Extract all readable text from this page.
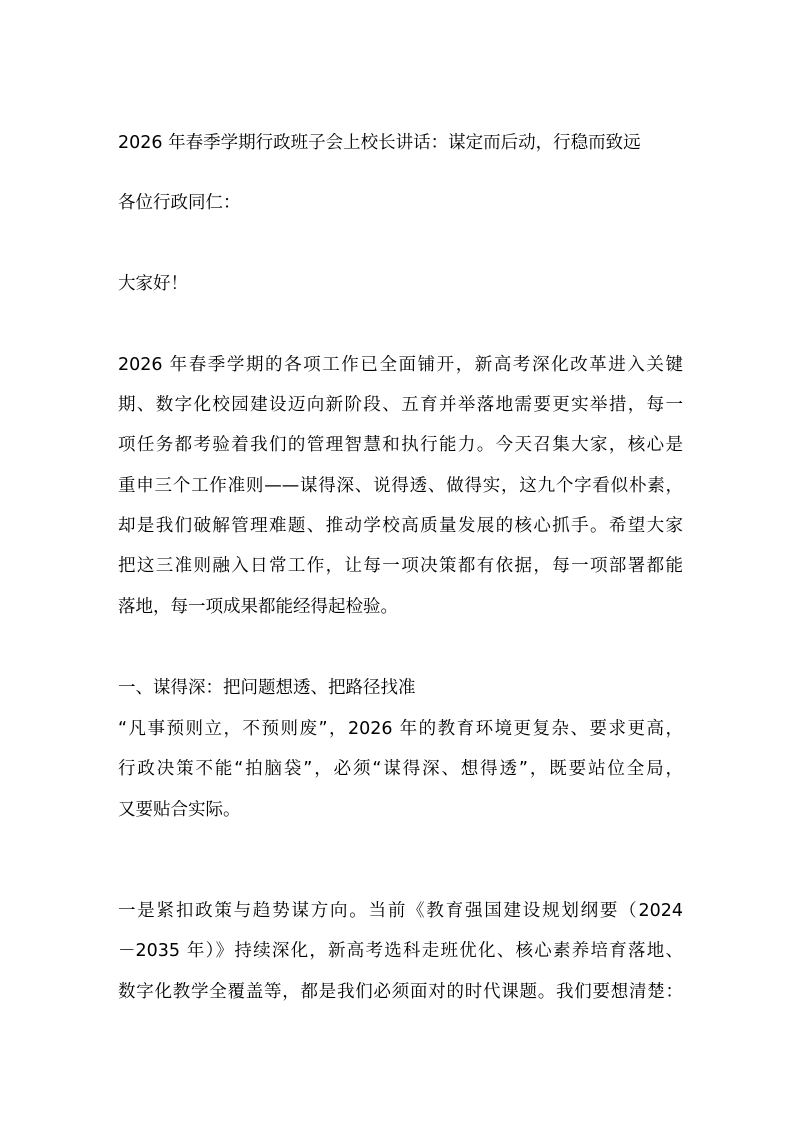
2026 年春季学期行政班子会上校长讲话：谋定而后动，行稳而致远
各位行政同仁：
大家好！
2026 年春季学期的各项工作已全面铺开，新高考深化改革进入关键
期、数字化校园建设迈向新阶段、五育并举落地需要更实举措，每一
项任务都考验着我们的管理智慧和执行能力。今天召集大家，核心是
重申三个工作准则——谋得深、说得透、做得实，这九个字看似朴素，
却是我们破解管理难题、推动学校高质量发展的核心抓手。希望大家
把这三准则融入日常工作，让每一项决策都有依据，每一项部署都能
落地，每一项成果都能经得起检验。
一、谋得深：把问题想透、把路径找准
“凡事预则立，不预则废”，2026 年的教育环境更复杂、要求更高，
行政决策不能“拍脑袋”，必须“谋得深、想得透”，既要站位全局，
又要贴合实际。
一是紧扣政策与趋势谋方向。当前《教育强国建设规划纲要（2024
－2035 年）》持续深化，新高考选科走班优化、核心素养培育落地、
数字化教学全覆盖等，都是我们必须面对的时代课题。我们要想清楚：
